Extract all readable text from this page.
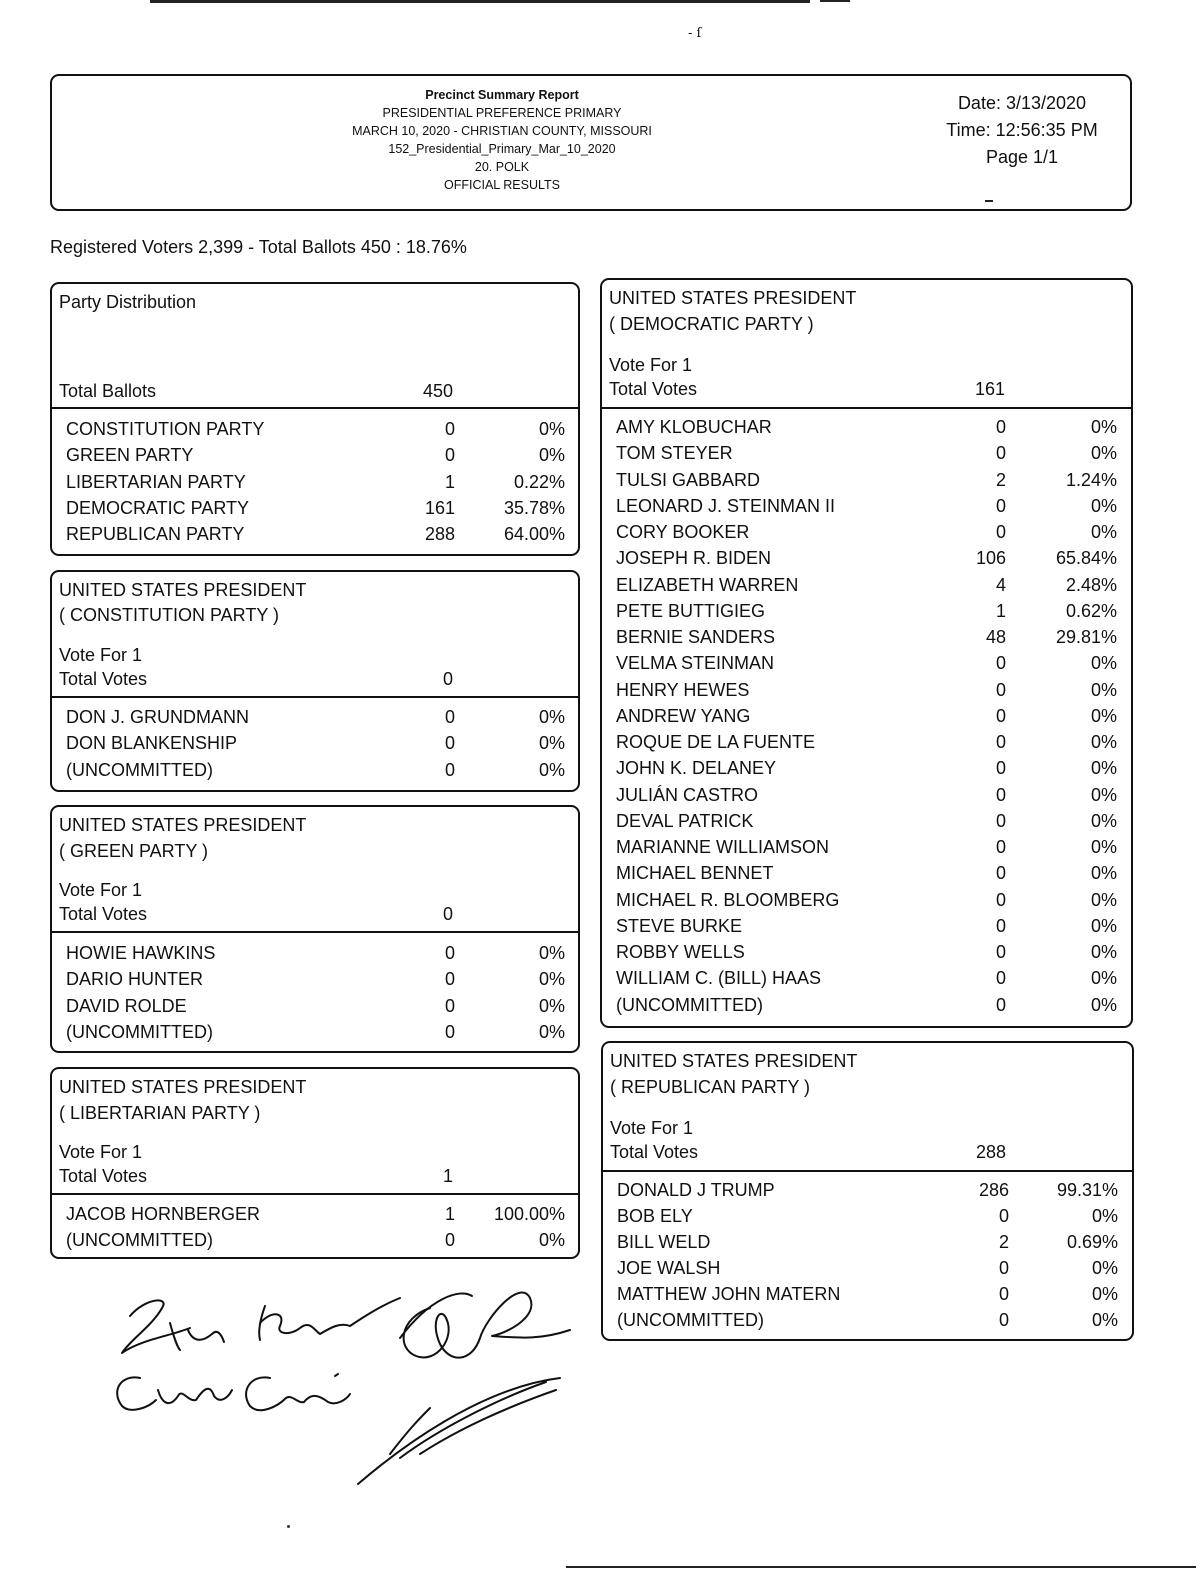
- ſ
Precinct Summary Report
PRESIDENTIAL PREFERENCE PRIMARY
MARCH 10, 2020 - CHRISTIAN COUNTY, MISSOURI
152_Presidential_Primary_Mar_10_2020
20. POLK
OFFICIAL RESULTS
Date: 3/13/2020
Time: 12:56:35 PM
Page 1/1
Registered Voters 2,399 - Total Ballots 450 : 18.76%
Party Distribution
Total Ballots	450
CONSTITUTION PARTY	0	0%
GREEN PARTY	0	0%
LIBERTARIAN PARTY	1	0.22%
DEMOCRATIC PARTY	161	35.78%
REPUBLICAN PARTY	288	64.00%
UNITED STATES PRESIDENT
( CONSTITUTION PARTY )
Vote For 1
Total Votes	0
DON J. GRUNDMANN	0	0%
DON BLANKENSHIP	0	0%
(UNCOMMITTED)	0	0%
UNITED STATES PRESIDENT
( GREEN PARTY )
Vote For 1
Total Votes	0
HOWIE HAWKINS	0	0%
DARIO HUNTER	0	0%
DAVID ROLDE	0	0%
(UNCOMMITTED)	0	0%
UNITED STATES PRESIDENT
( LIBERTARIAN PARTY )
Vote For 1
Total Votes	1
JACOB HORNBERGER	1	100.00%
(UNCOMMITTED)	0	0%
UNITED STATES PRESIDENT
( DEMOCRATIC PARTY )
Vote For 1
Total Votes	161
AMY KLOBUCHAR	0	0%
TOM STEYER	0	0%
TULSI GABBARD	2	1.24%
LEONARD J. STEINMAN II	0	0%
CORY BOOKER	0	0%
JOSEPH R. BIDEN	106	65.84%
ELIZABETH WARREN	4	2.48%
PETE BUTTIGIEG	1	0.62%
BERNIE SANDERS	48	29.81%
VELMA STEINMAN	0	0%
HENRY HEWES	0	0%
ANDREW YANG	0	0%
ROQUE DE LA FUENTE	0	0%
JOHN K. DELANEY	0	0%
JULIÁN CASTRO	0	0%
DEVAL PATRICK	0	0%
MARIANNE WILLIAMSON	0	0%
MICHAEL BENNET	0	0%
MICHAEL R. BLOOMBERG	0	0%
STEVE BURKE	0	0%
ROBBY WELLS	0	0%
WILLIAM C. (BILL) HAAS	0	0%
(UNCOMMITTED)	0	0%
UNITED STATES PRESIDENT
( REPUBLICAN PARTY )
Vote For 1
Total Votes	288
DONALD J TRUMP	286	99.31%
BOB ELY	0	0%
BILL WELD	2	0.69%
JOE WALSH	0	0%
MATTHEW JOHN MATERN	0	0%
(UNCOMMITTED)	0	0%
